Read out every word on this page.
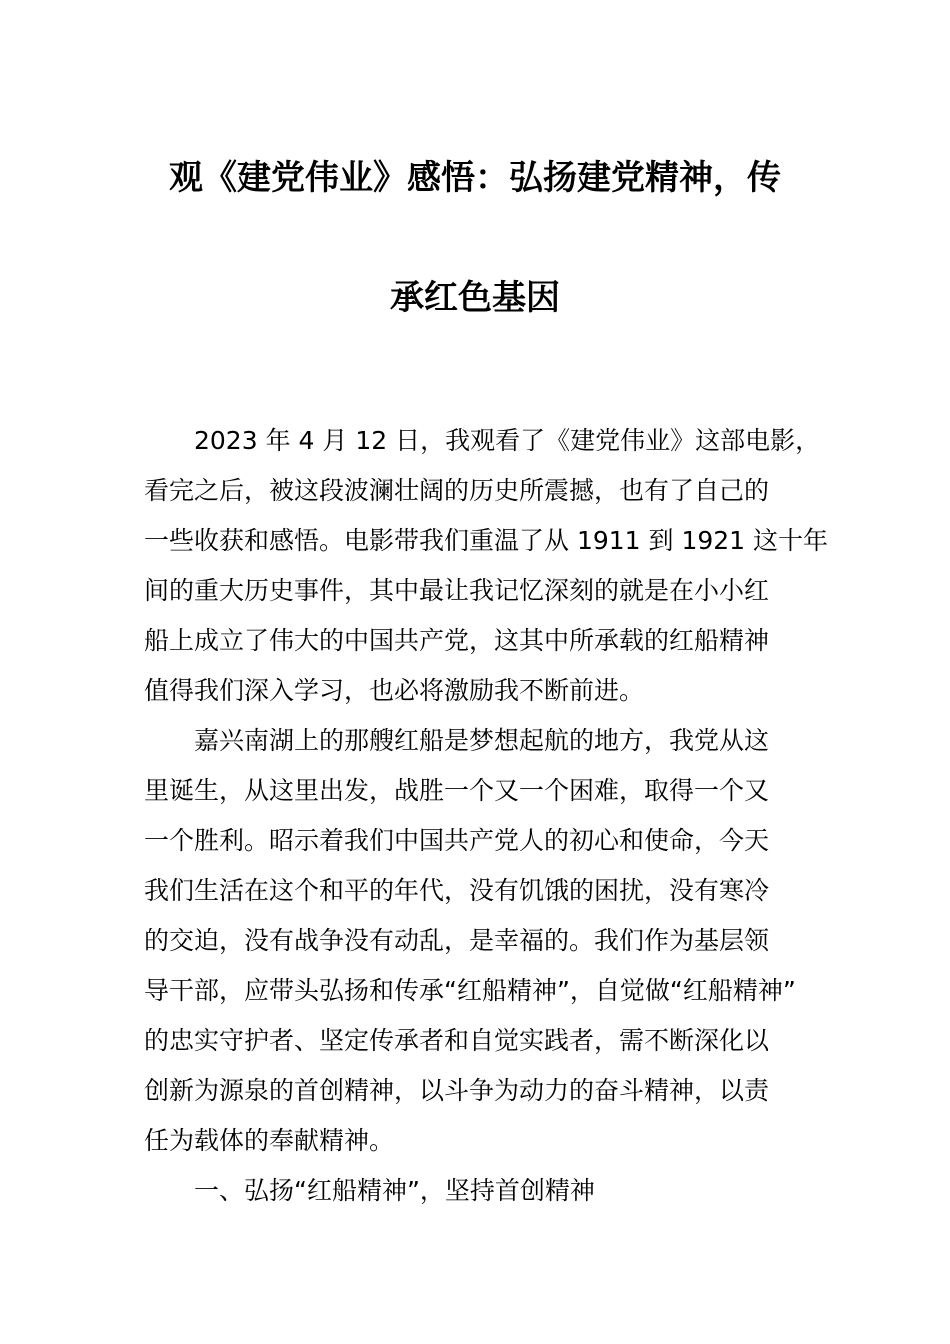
观《建党伟业》感悟：弘扬建党精神，传
承红色基因

2023 年 4 月 12 日，我观看了《建党伟业》这部电影，
看完之后，被这段波澜壮阔的历史所震撼，也有了自己的
一些收获和感悟。电影带我们重温了从 1911 到 1921 这十年
间的重大历史事件，其中最让我记忆深刻的就是在小小红
船上成立了伟大的中国共产党，这其中所承载的红船精神
值得我们深入学习，也必将激励我不断前进。

嘉兴南湖上的那艘红船是梦想起航的地方，我党从这
里诞生，从这里出发，战胜一个又一个困难，取得一个又
一个胜利。昭示着我们中国共产党人的初心和使命，今天
我们生活在这个和平的年代，没有饥饿的困扰，没有寒冷
的交迫，没有战争没有动乱，是幸福的。我们作为基层领
导干部，应带头弘扬和传承“红船精神”，自觉做“红船精神”
的忠实守护者、坚定传承者和自觉实践者，需不断深化以
创新为源泉的首创精神，以斗争为动力的奋斗精神，以责
任为载体的奉献精神。

一、弘扬“红船精神”，坚持首创精神
